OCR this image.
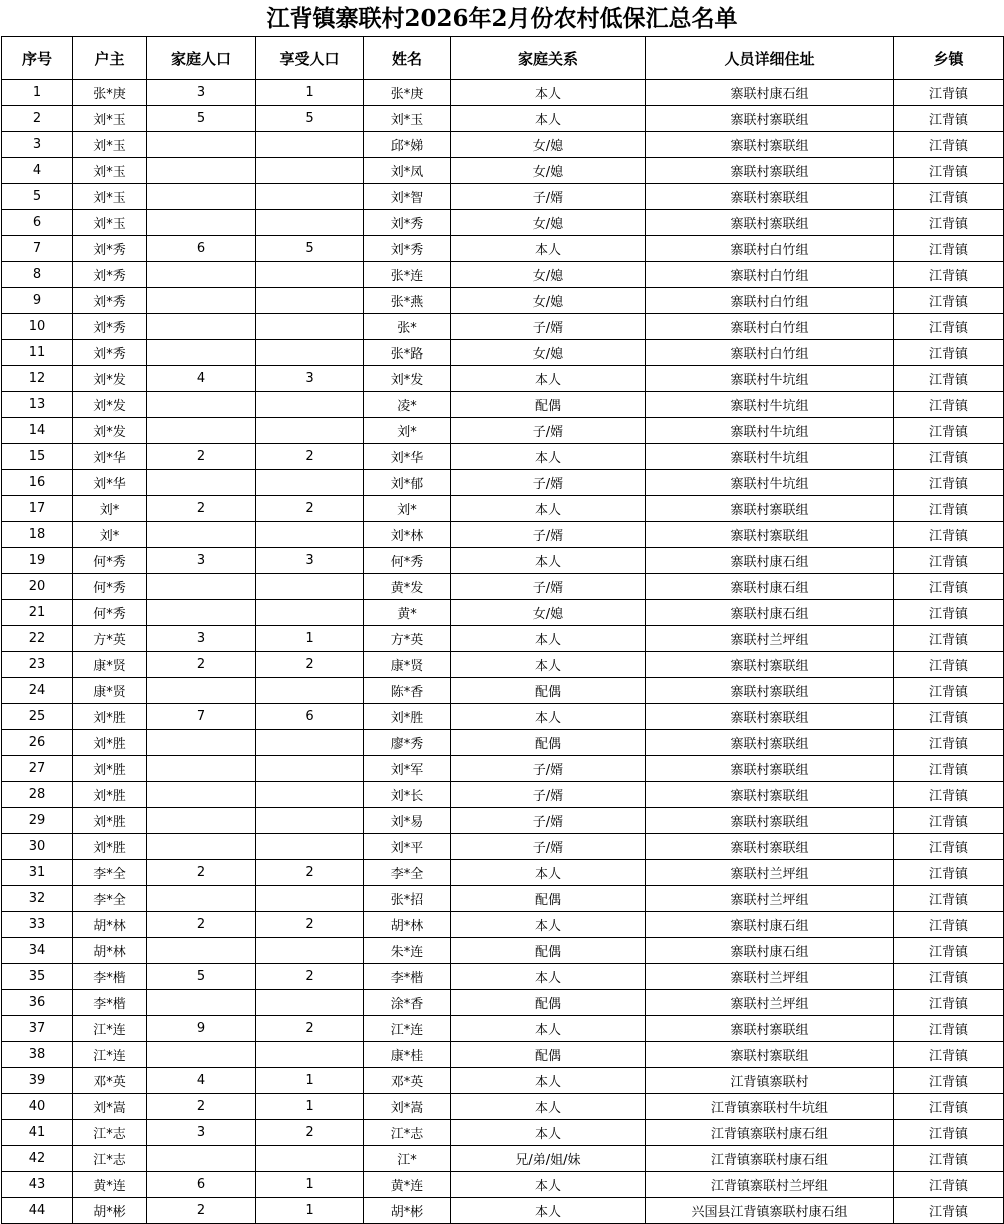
江背镇寨联村2026年2月份农村低保汇总名单
序号	户主	家庭人口	享受人口	姓名	家庭关系	人员详细住址	乡镇
1	张*庚	3	1	张*庚	本人	寨联村康石组	江背镇
2	刘*玉	5	5	刘*玉	本人	寨联村寨联组	江背镇
3	刘*玉			邱*娣	女/媳	寨联村寨联组	江背镇
4	刘*玉			刘*凤	女/媳	寨联村寨联组	江背镇
5	刘*玉			刘*智	子/婿	寨联村寨联组	江背镇
6	刘*玉			刘*秀	女/媳	寨联村寨联组	江背镇
7	刘*秀	6	5	刘*秀	本人	寨联村白竹组	江背镇
8	刘*秀			张*连	女/媳	寨联村白竹组	江背镇
9	刘*秀			张*燕	女/媳	寨联村白竹组	江背镇
10	刘*秀			张*	子/婿	寨联村白竹组	江背镇
11	刘*秀			张*路	女/媳	寨联村白竹组	江背镇
12	刘*发	4	3	刘*发	本人	寨联村牛坑组	江背镇
13	刘*发			凌*	配偶	寨联村牛坑组	江背镇
14	刘*发			刘*	子/婿	寨联村牛坑组	江背镇
15	刘*华	2	2	刘*华	本人	寨联村牛坑组	江背镇
16	刘*华			刘*郁	子/婿	寨联村牛坑组	江背镇
17	刘*	2	2	刘*	本人	寨联村寨联组	江背镇
18	刘*			刘*林	子/婿	寨联村寨联组	江背镇
19	何*秀	3	3	何*秀	本人	寨联村康石组	江背镇
20	何*秀			黄*发	子/婿	寨联村康石组	江背镇
21	何*秀			黄*	女/媳	寨联村康石组	江背镇
22	方*英	3	1	方*英	本人	寨联村兰坪组	江背镇
23	康*贤	2	2	康*贤	本人	寨联村寨联组	江背镇
24	康*贤			陈*香	配偶	寨联村寨联组	江背镇
25	刘*胜	7	6	刘*胜	本人	寨联村寨联组	江背镇
26	刘*胜			廖*秀	配偶	寨联村寨联组	江背镇
27	刘*胜			刘*军	子/婿	寨联村寨联组	江背镇
28	刘*胜			刘*长	子/婿	寨联村寨联组	江背镇
29	刘*胜			刘*易	子/婿	寨联村寨联组	江背镇
30	刘*胜			刘*平	子/婿	寨联村寨联组	江背镇
31	李*全	2	2	李*全	本人	寨联村兰坪组	江背镇
32	李*全			张*招	配偶	寨联村兰坪组	江背镇
33	胡*林	2	2	胡*林	本人	寨联村康石组	江背镇
34	胡*林			朱*连	配偶	寨联村康石组	江背镇
35	李*楷	5	2	李*楷	本人	寨联村兰坪组	江背镇
36	李*楷			涂*香	配偶	寨联村兰坪组	江背镇
37	江*连	9	2	江*连	本人	寨联村寨联组	江背镇
38	江*连			康*桂	配偶	寨联村寨联组	江背镇
39	邓*英	4	1	邓*英	本人	江背镇寨联村	江背镇
40	刘*嵩	2	1	刘*嵩	本人	江背镇寨联村牛坑组	江背镇
41	江*志	3	2	江*志	本人	江背镇寨联村康石组	江背镇
42	江*志			江*	兄/弟/姐/妹	江背镇寨联村康石组	江背镇
43	黄*连	6	1	黄*连	本人	江背镇寨联村兰坪组	江背镇
44	胡*彬	2	1	胡*彬	本人	兴国县江背镇寨联村康石组	江背镇
